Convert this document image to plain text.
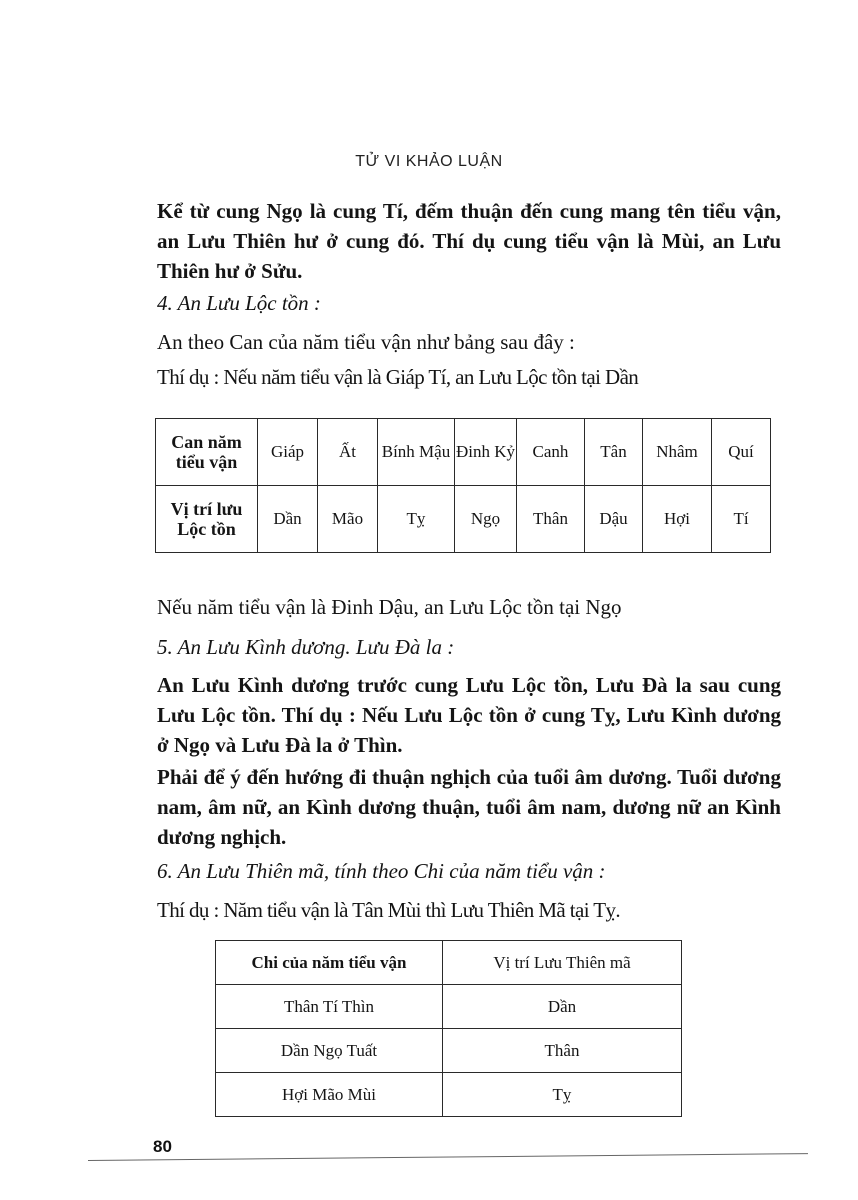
TỬ VI KHẢO LUẬN
Kể từ cung Ngọ là cung Tí, đếm thuận đến cung mang tên tiểu vận, an Lưu Thiên hư ở cung đó. Thí dụ cung tiểu vận là Mùi, an Lưu Thiên hư ở Sửu.
4. An Lưu Lộc tồn :
An theo Can của năm tiểu vận như bảng sau đây :
Thí dụ : Nếu năm tiểu vận là Giáp Tí, an Lưu Lộc tồn tại Dần
Can năm tiểu vận	Giáp	Ất	Bính Mậu	Đinh Kỷ	Canh	Tân	Nhâm	Quí
Vị trí lưu Lộc tồn	Dần	Mão	Tỵ	Ngọ	Thân	Dậu	Hợi	Tí
Nếu năm tiểu vận là Đinh Dậu, an Lưu Lộc tồn tại Ngọ
5. An Lưu Kình dương. Lưu Đà la :
An Lưu Kình dương trước cung Lưu Lộc tồn, Lưu Đà la sau cung Lưu Lộc tồn. Thí dụ : Nếu Lưu Lộc tồn ở cung Tỵ, Lưu Kình dương ở Ngọ và Lưu Đà la ở Thìn.
Phải để ý đến hướng đi thuận nghịch của tuổi âm dương. Tuổi dương nam, âm nữ, an Kình dương thuận, tuổi âm nam, dương nữ an Kình dương nghịch.
6. An Lưu Thiên mã, tính theo Chi của năm tiểu vận :
Thí dụ : Năm tiểu vận là Tân Mùi thì Lưu Thiên Mã tại Tỵ.
Chi của năm tiểu vận	Vị trí Lưu Thiên mã
Thân Tí Thìn	Dần
Dần Ngọ Tuất	Thân
Hợi Mão Mùi	Tỵ
80
